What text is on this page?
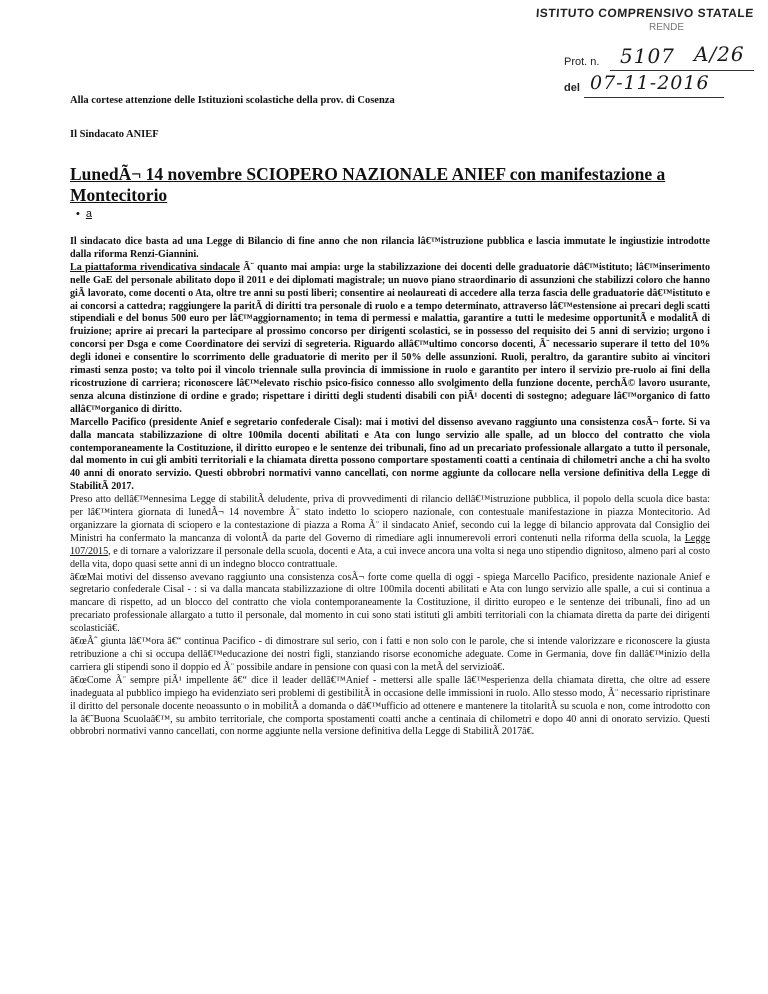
ISTITUTO COMPRENSIVO STATALE
RENDE
Prot. n. 5107 A/26
del 07-11-2016
Alla cortese attenzione delle Istituzioni scolastiche della prov. di Cosenza
Il Sindacato ANIEF
LunedÃ¬ 14 novembre SCIOPERO NAZIONALE ANIEF con manifestazione a Montecitorio
• a

Il sindacato dice basta ad una Legge di Bilancio di fine anno che non rilancia lâ€™istruzione pubblica e lascia immutate le ingiustizie introdotte dalla riforma Renzi-Giannini.

La piattaforma rivendicativa sindacale Ã¨ quanto mai ampia: urge la stabilizzazione dei docenti delle graduatorie dâ€™istituto; lâ€™inserimento nelle GaE del personale abilitato dopo il 2011 e dei diplomati magistrale; un nuovo piano straordinario di assunzioni che stabilizzi coloro che hanno giÃ lavorato, come docenti o Ata, oltre tre anni su posti liberi; consentire ai neolaureati di accedere alla terza fascia delle graduatorie dâ€™istituto e ai concorsi a cattedra; raggiungere la paritÃ di diritti tra personale di ruolo e a tempo determinato, attraverso lâ€™estensione ai precari degli scatti stipendiali e del bonus 500 euro per lâ€™aggiornamento; in tema di permessi e malattia, garantire a tutti le medesime opportunitÃ e modalitÃ di fruizione; aprire ai precari la partecipare al prossimo concorso per dirigenti scolastici, se in possesso del requisito dei 5 anni di servizio; urgono i concorsi per Dsga e come Coordinatore dei servizi di segreteria. Riguardo allâ€™ultimo concorso docenti, Ã¨ necessario superare il tetto del 10% degli idonei e consentire lo scorrimento delle graduatorie di merito per il 50% delle assunzioni. Ruoli, peraltro, da garantire subito ai vincitori rimasti senza posto; va tolto poi il vincolo triennale sulla provincia di immissione in ruolo e garantito per intero il servizio pre-ruolo ai fini della ricostruzione di carriera; riconoscere lâ€™elevato rischio psico-fisico connesso allo svolgimento della funzione docente, perchÃ© lavoro usurante, senza alcuna distinzione di ordine e grado; rispettare i diritti degli studenti disabili con piÃ¹ docenti di sostegno; adeguare lâ€™organico di fatto allâ€™organico di diritto.

Marcello Pacifico (presidente Anief e segretario confederale Cisal): mai i motivi del dissenso avevano raggiunto una consistenza cosÃ¬ forte. Si va dalla mancata stabilizzazione di oltre 100mila docenti abilitati e Ata con lungo servizio alle spalle, ad un blocco del contratto che viola contemporaneamente la Costituzione, il diritto europeo e le sentenze dei tribunali, fino ad un precariato professionale allargato a tutto il personale, dal momento in cui gli ambiti territoriali e la chiamata diretta possono comportare spostamenti coatti a centinaia di chilometri anche a chi ha svolto 40 anni di onorato servizio. Questi obbrobri normativi vanno cancellati, con norme aggiunte da collocare nella versione definitiva della Legge di StabilitÃ 2017.

Preso atto dellâ€™ennesima Legge di stabilitÃ deludente, priva di provvedimenti di rilancio dellâ€™istruzione pubblica, il popolo della scuola dice basta: per lâ€™intera giornata di lunedÃ¬ 14 novembre Ã¨ stato indetto lo sciopero nazionale, con contestuale manifestazione in piazza Montecitorio. Ad organizzare la giornata di sciopero e la contestazione di piazza a Roma Ã¨ il sindacato Anief, secondo cui la legge di bilancio approvata dal Consiglio dei Ministri ha confermato la mancanza di volontÃ da parte del Governo di rimediare agli innumerevoli errori contenuti nella riforma della scuola, la Legge 107/2015, e di tornare a valorizzare il personale della scuola, docenti e Ata, a cui invece ancora una volta si nega uno stipendio dignitoso, almeno pari al costo della vita, dopo quasi sette anni di un indegno blocco contrattuale.

â€œMai motivi del dissenso avevano raggiunto una consistenza cosÃ¬ forte come quella di oggi - spiega Marcello Pacifico, presidente nazionale Anief e segretario confederale Cisal - : si va dalla mancata stabilizzazione di oltre 100mila docenti abilitati e Ata con lungo servizio alle spalle, a cui si continua a mancare di rispetto, ad un blocco del contratto che viola contemporaneamente la Costituzione, il diritto europeo e le sentenze dei tribunali, fino ad un precariato professionale allargato a tutto il personale, dal momento in cui sono stati istituti gli ambiti territoriali con la chiamata diretta da parte dei dirigenti scolasticiâ€.

â€œÃˆ giunta lâ€™ora â€“ continua Pacifico - di dimostrare sul serio, con i fatti e non solo con le parole, che si intende valorizzare e riconoscere la giusta retribuzione a chi si occupa dellâ€™educazione dei nostri figli, stanziando risorse economiche adeguate. Come in Germania, dove fin dallâ€™inizio della carriera gli stipendi sono il doppio ed Ã¨ possibile andare in pensione con quasi con la metÃ del servizioâ€.

â€œCome Ã¨ sempre piÃ¹ impellente â€“ dice il leader dellâ€™Anief - mettersi alle spalle lâ€™esperienza della chiamata diretta, che oltre ad essere inadeguata al pubblico impiego ha evidenziato seri problemi di gestibilitÃ in occasione delle immissioni in ruolo. Allo stesso modo, Ã¨ necessario ripristinare il diritto del personale docente neoassunto o in mobilitÃ a domanda o dâ€™ufficio ad ottenere e mantenere la titolaritÃ su scuola e non, come introdotto con la â€˜Buona Scuolaâ€™, su ambito territoriale, che comporta spostamenti coatti anche a centinaia di chilometri e dopo 40 anni di onorato servizio. Questi obbrobri normativi vanno cancellati, con norme aggiunte nella versione definitiva della Legge di StabilitÃ 2017â€.
